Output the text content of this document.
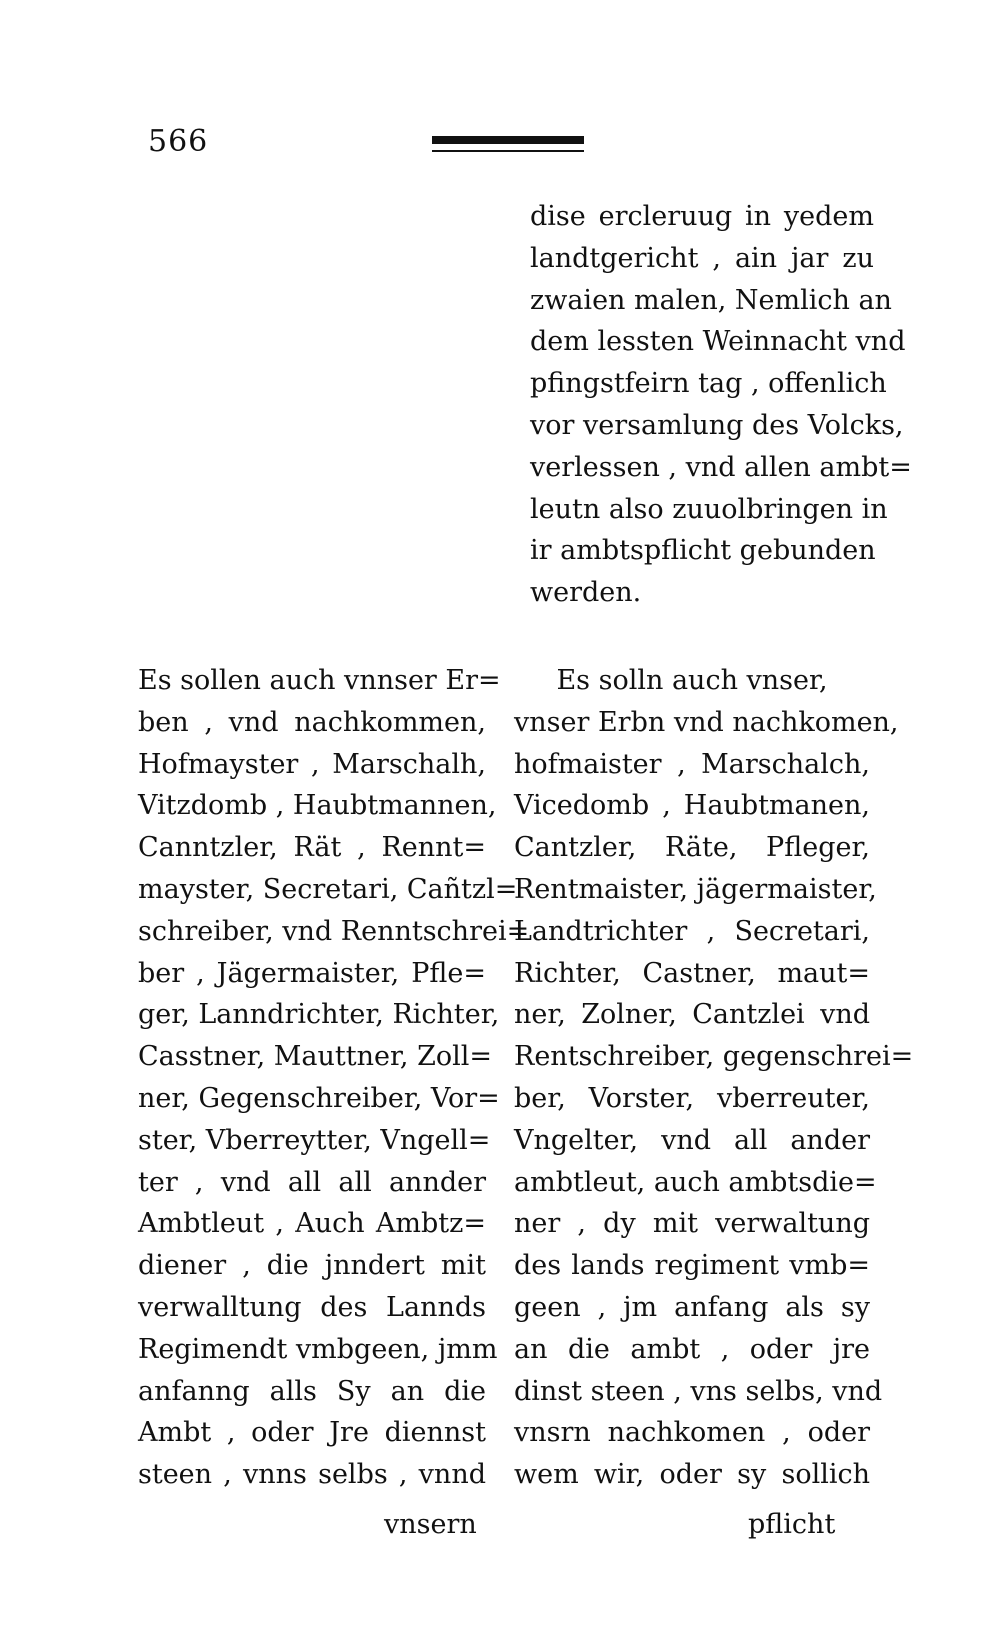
566
dise ercleruug in yedem
landtgericht , ain jar zu
zwaien malen, Nemlich an
dem lessten Weinnacht vnd
pfingstfeirn tag , offenlich
vor versamlung des Volcks,
verlessen , vnd allen ambt=
leutn also zuuolbringen in
ir ambtspflicht gebunden
werden.
Es sollen auch vnnser Er=
ben , vnd nachkommen,
Hofmayster , Marschalh,
Vitzdomb , Haubtmannen,
Canntzler, Rät , Rennt=
mayster, Secretari, Cañtzl=
schreiber, vnd Renntschrei=
ber , Jägermaister, Pfle=
ger, Lanndrichter, Richter,
Casstner, Mauttner, Zoll=
ner, Gegenschreiber, Vor=
ster, Vberreytter, Vngell=
ter , vnd all all annder
Ambtleut , Auch Ambtz=
diener , die jnndert mit
verwalltung des Lannds
Regimendt vmbgeen, jmm
anfanng alls Sy an die
Ambt , oder Jre diennst
steen , vnns selbs , vnnd
Es solln auch vnser,
vnser Erbn vnd nachkomen,
hofmaister , Marschalch,
Vicedomb , Haubtmanen,
Cantzler, Räte, Pfleger,
Rentmaister, jägermaister,
Landtrichter , Secretari,
Richter, Castner, maut=
ner, Zolner, Cantzlei vnd
Rentschreiber, gegenschrei=
ber, Vorster, vberreuter,
Vngelter, vnd all ander
ambtleut, auch ambtsdie=
ner , dy mit verwaltung
des lands regiment vmb=
geen , jm anfang als sy
an die ambt , oder jre
dinst steen , vns selbs, vnd
vnsrn nachkomen , oder
wem wir, oder sy sollich
vnsern	pflicht
